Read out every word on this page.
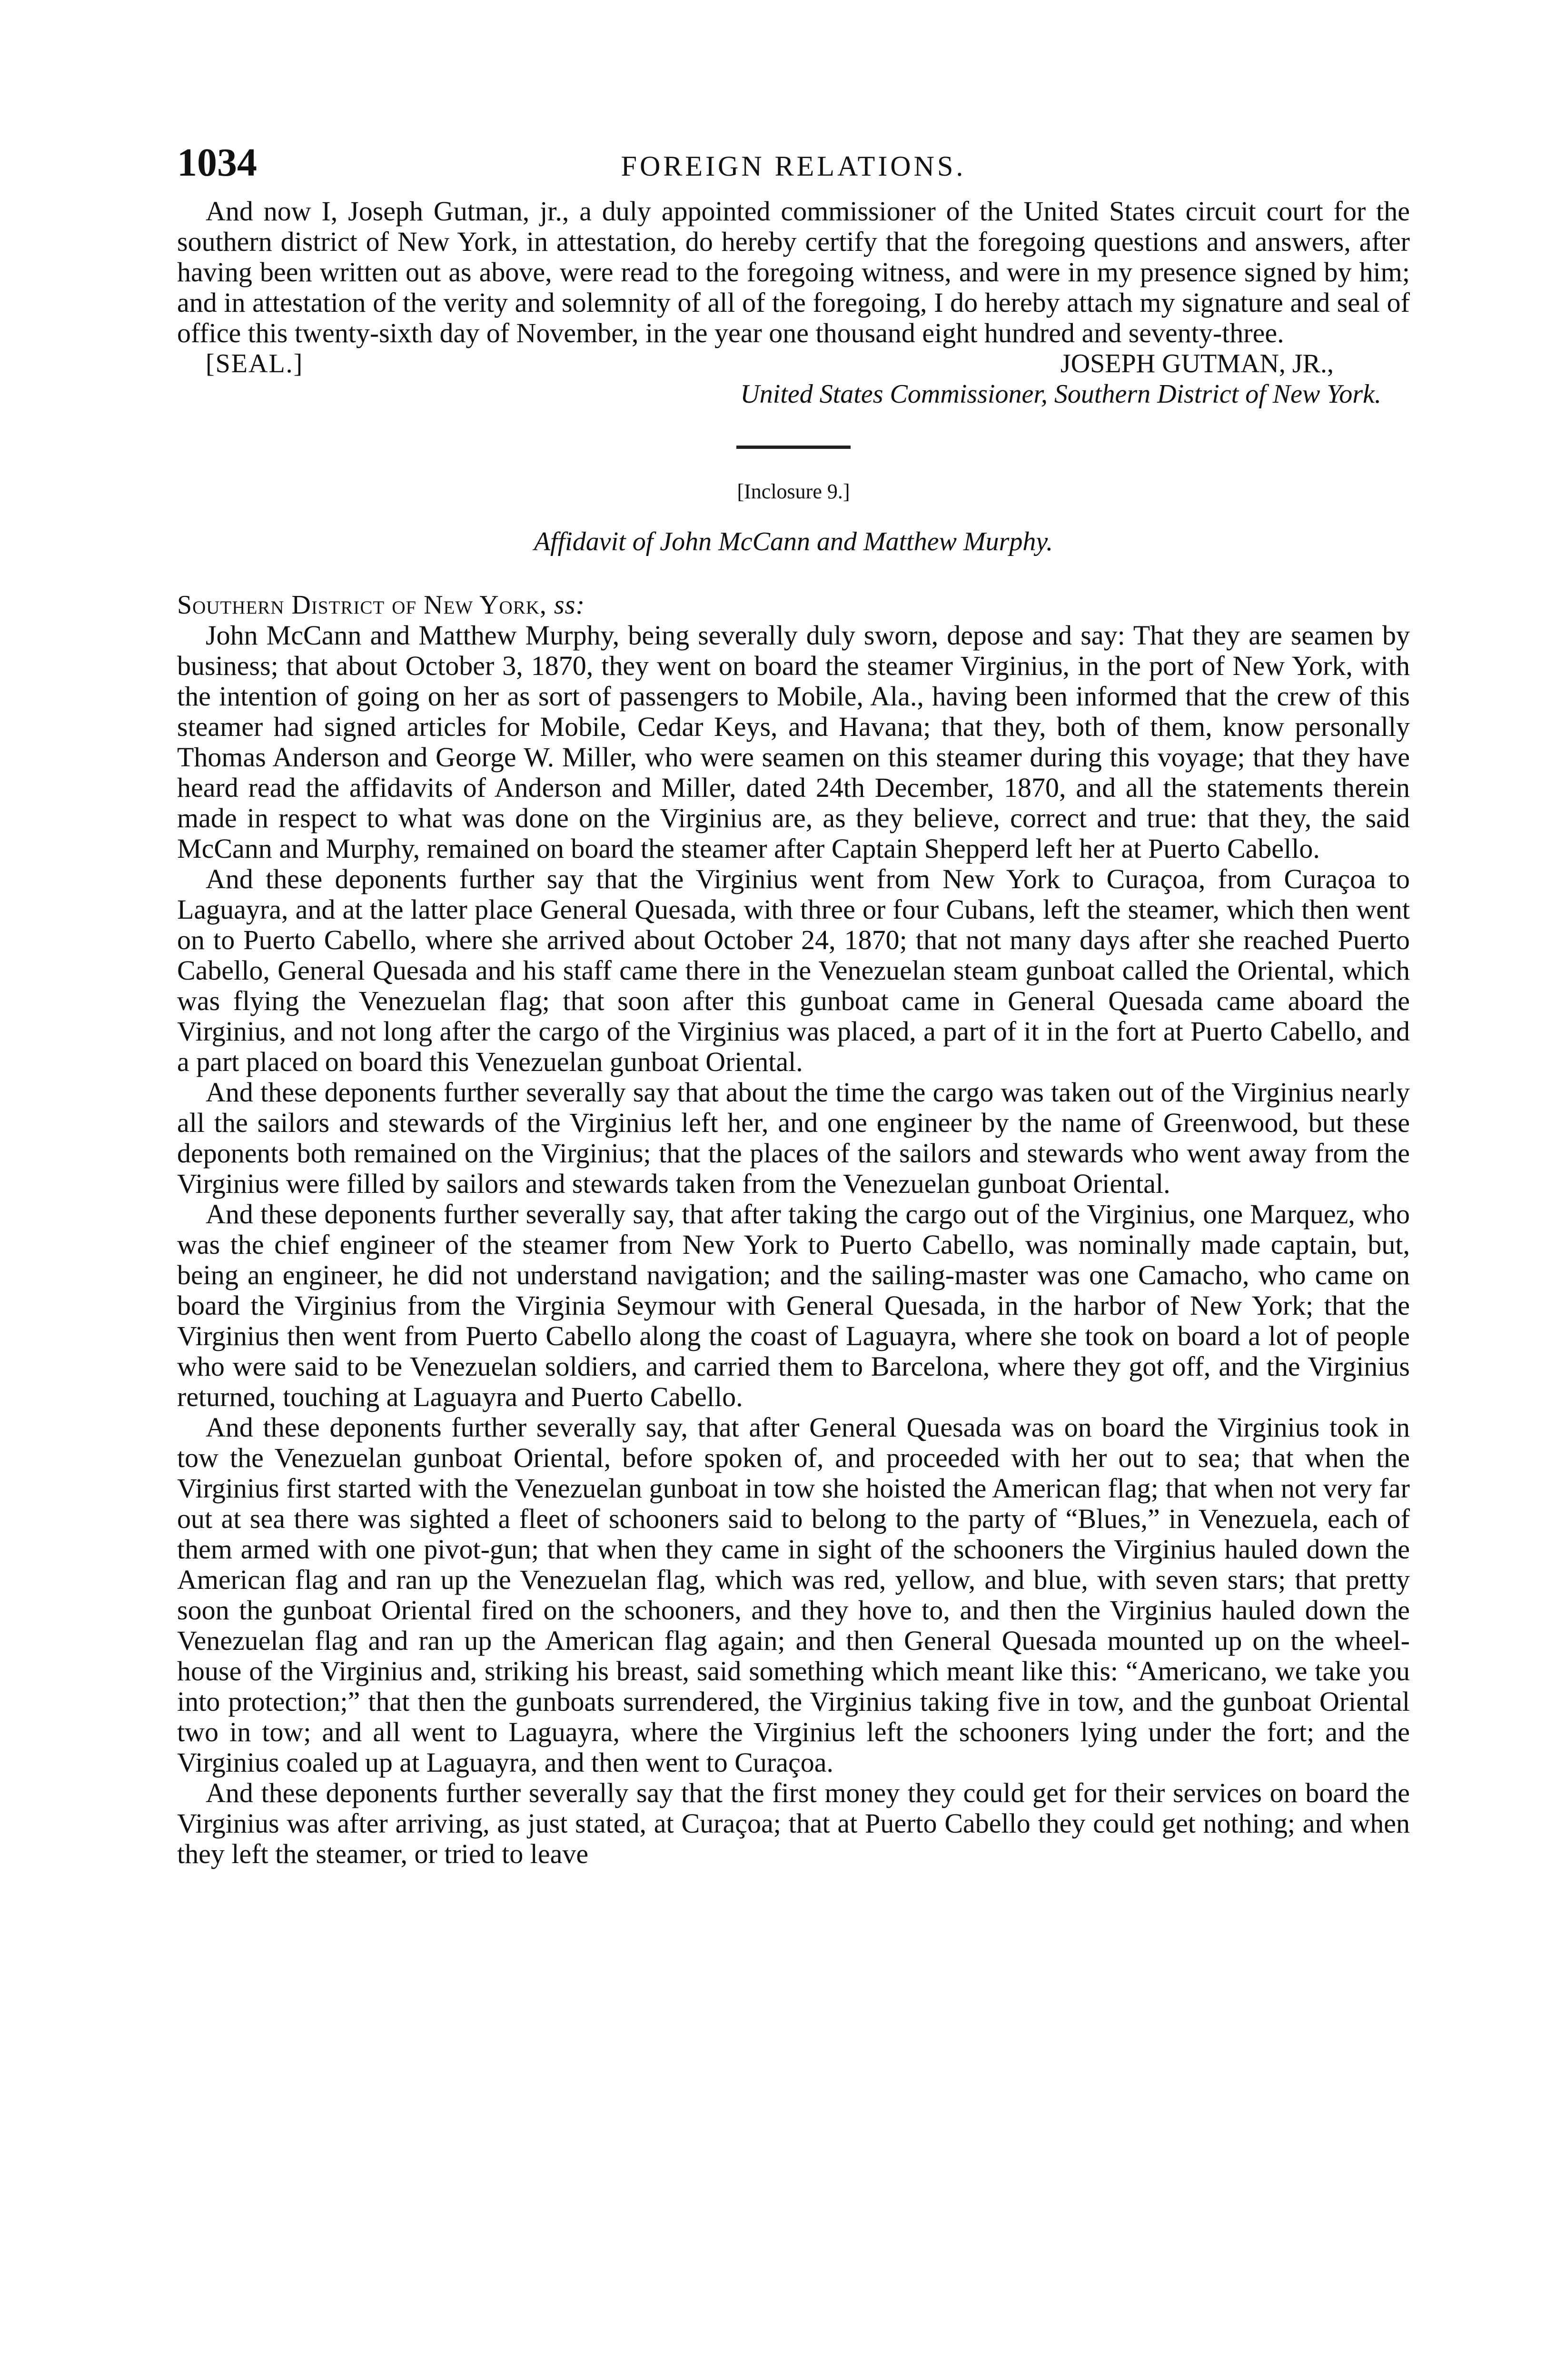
1034	FOREIGN RELATIONS.

And now I, Joseph Gutman, jr., a duly appointed commissioner of the United States circuit court for the southern district of New York, in attestation, do hereby certify that the foregoing questions and answers, after having been written out as above, were read to the foregoing witness, and were in my presence signed by him; and in attestation of the verity and solemnity of all of the foregoing, I do hereby attach my signature and seal of office this twenty-sixth day of November, in the year one thousand eight hundred and seventy-three.

[SEAL.]	JOSEPH GUTMAN, JR.,
United States Commissioner, Southern District of New York.
[Inclosure 9.]
Affidavit of John McCann and Matthew Murphy.
Southern District of New York, ss:

John McCann and Matthew Murphy, being severally duly sworn, depose and say: That they are seamen by business; that about October 3, 1870, they went on board the steamer Virginius, in the port of New York, with the intention of going on her as sort of passengers to Mobile, Ala., having been informed that the crew of this steamer had signed articles for Mobile, Cedar Keys, and Havana; that they, both of them, know personally Thomas Anderson and George W. Miller, who were seamen on this steamer during this voyage; that they have heard read the affidavits of Anderson and Miller, dated 24th December, 1870, and all the statements therein made in respect to what was done on the Virginius are, as they believe, correct and true: that they, the said McCann and Murphy, remained on board the steamer after Captain Shepperd left her at Puerto Cabello.

And these deponents further say that the Virginius went from New York to Curaçoa, from Curaçoa to Laguayra, and at the latter place General Quesada, with three or four Cubans, left the steamer, which then went on to Puerto Cabello, where she arrived about October 24, 1870; that not many days after she reached Puerto Cabello, General Quesada and his staff came there in the Venezuelan steam gunboat called the Oriental, which was flying the Venezuelan flag; that soon after this gunboat came in General Quesada came aboard the Virginius, and not long after the cargo of the Virginius was placed, a part of it in the fort at Puerto Cabello, and a part placed on board this Venezuelan gunboat Oriental.

And these deponents further severally say that about the time the cargo was taken out of the Virginius nearly all the sailors and stewards of the Virginius left her, and one engineer by the name of Greenwood, but these deponents both remained on the Virginius; that the places of the sailors and stewards who went away from the Virginius were filled by sailors and stewards taken from the Venezuelan gunboat Oriental.

And these deponents further severally say, that after taking the cargo out of the Virginius, one Marquez, who was the chief engineer of the steamer from New York to Puerto Cabello, was nominally made captain, but, being an engineer, he did not understand navigation; and the sailing-master was one Camacho, who came on board the Virginius from the Virginia Seymour with General Quesada, in the harbor of New York; that the Virginius then went from Puerto Cabello along the coast of Laguayra, where she took on board a lot of people who were said to be Venezuelan soldiers, and carried them to Barcelona, where they got off, and the Virginius returned, touching at Laguayra and Puerto Cabello.

And these deponents further severally say, that after General Quesada was on board the Virginius took in tow the Venezuelan gunboat Oriental, before spoken of, and proceeded with her out to sea; that when the Virginius first started with the Venezuelan gunboat in tow she hoisted the American flag; that when not very far out at sea there was sighted a fleet of schooners said to belong to the party of “Blues,” in Venezuela, each of them armed with one pivot-gun; that when they came in sight of the schooners the Virginius hauled down the American flag and ran up the Venezuelan flag, which was red, yellow, and blue, with seven stars; that pretty soon the gunboat Oriental fired on the schooners, and they hove to, and then the Virginius hauled down the Venezuelan flag and ran up the American flag again; and then General Quesada mounted up on the wheel-house of the Virginius and, striking his breast, said something which meant like this: “Americano, we take you into protection;” that then the gunboats surrendered, the Virginius taking five in tow, and the gunboat Oriental two in tow; and all went to Laguayra, where the Virginius left the schooners lying under the fort; and the Virginius coaled up at Laguayra, and then went to Curaçoa.

And these deponents further severally say that the first money they could get for their services on board the Virginius was after arriving, as just stated, at Curaçoa; that at Puerto Cabello they could get nothing; and when they left the steamer, or tried to leave
